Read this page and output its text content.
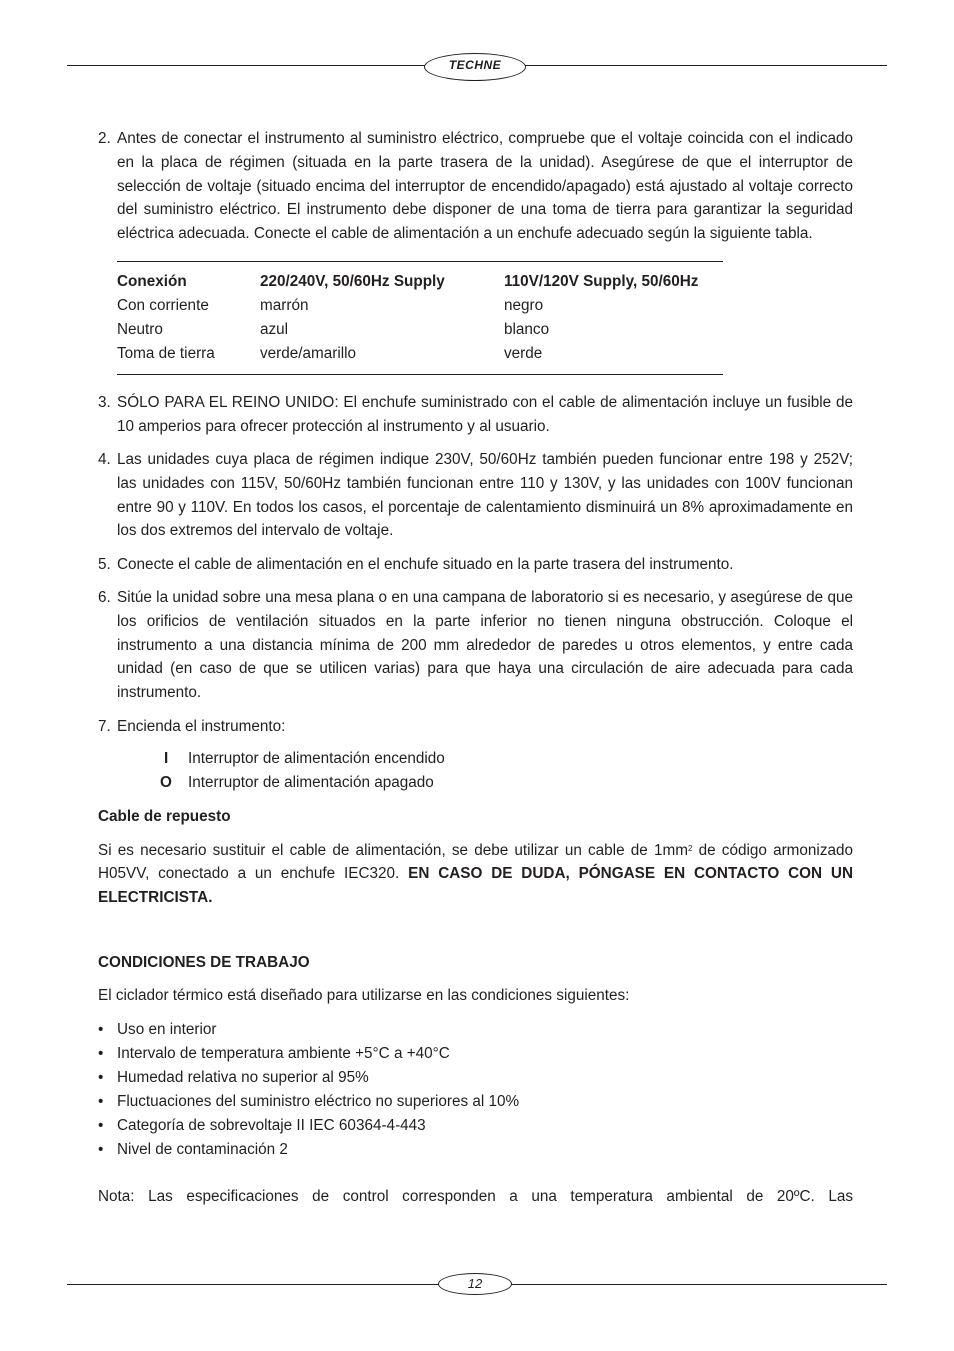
TECHNE
2. Antes de conectar el instrumento al suministro eléctrico, compruebe que el voltaje coincida con el indicado en la placa de régimen (situada en la parte trasera de la unidad). Asegúrese de que el interruptor de selección de voltaje (situado encima del interruptor de encendido/apagado) está ajustado al voltaje correcto del suministro eléctrico. El instrumento debe disponer de una toma de tierra para garantizar la seguridad eléctrica adecuada. Conecte el cable de alimentación a un enchufe adecuado según la siguiente tabla.
Conexión	220/240V, 50/60Hz Supply	110V/120V Supply, 50/60Hz
Con corriente	marrón	negro
Neutro	azul	blanco
Toma de tierra	verde/amarillo	verde
3. SÓLO PARA EL REINO UNIDO: El enchufe suministrado con el cable de alimentación incluye un fusible de 10 amperios para ofrecer protección al instrumento y al usuario.
4. Las unidades cuya placa de régimen indique 230V, 50/60Hz también pueden funcionar entre 198 y 252V; las unidades con 115V, 50/60Hz también funcionan entre 110 y 130V, y las unidades con 100V funcionan entre 90 y 110V. En todos los casos, el porcentaje de calentamiento disminuirá un 8% aproximadamente en los dos extremos del intervalo de voltaje.
5. Conecte el cable de alimentación en el enchufe situado en la parte trasera del instrumento.
6. Sitúe la unidad sobre una mesa plana o en una campana de laboratorio si es necesario, y asegúrese de que los orificios de ventilación situados en la parte inferior no tienen ninguna obstrucción. Coloque el instrumento a una distancia mínima de 200 mm alrededor de paredes u otros elementos, y entre cada unidad (en caso de que se utilicen varias) para que haya una circulación de aire adecuada para cada instrumento.
7. Encienda el instrumento:
I	Interruptor de alimentación encendido
O	Interruptor de alimentación apagado
Cable de repuesto

Si es necesario sustituir el cable de alimentación, se debe utilizar un cable de $1mm^2$ de código armonizado H05VV, conectado a un enchufe IEC320. EN CASO DE DUDA, PÓNGASE EN CONTACTO CON UN ELECTRICISTA.

CONDICIONES DE TRABAJO

El ciclador térmico está diseñado para utilizarse en las condiciones siguientes:

• Uso en interior
• Intervalo de temperatura ambiente +5°C a +40°C
• Humedad relativa no superior al 95%
• Fluctuaciones del suministro eléctrico no superiores al 10%
• Categoría de sobrevoltaje II IEC 60364-4-443
• Nivel de contaminación 2

Nota: Las especificaciones de control corresponden a una temperatura ambiental de 20ºC. Las

12
